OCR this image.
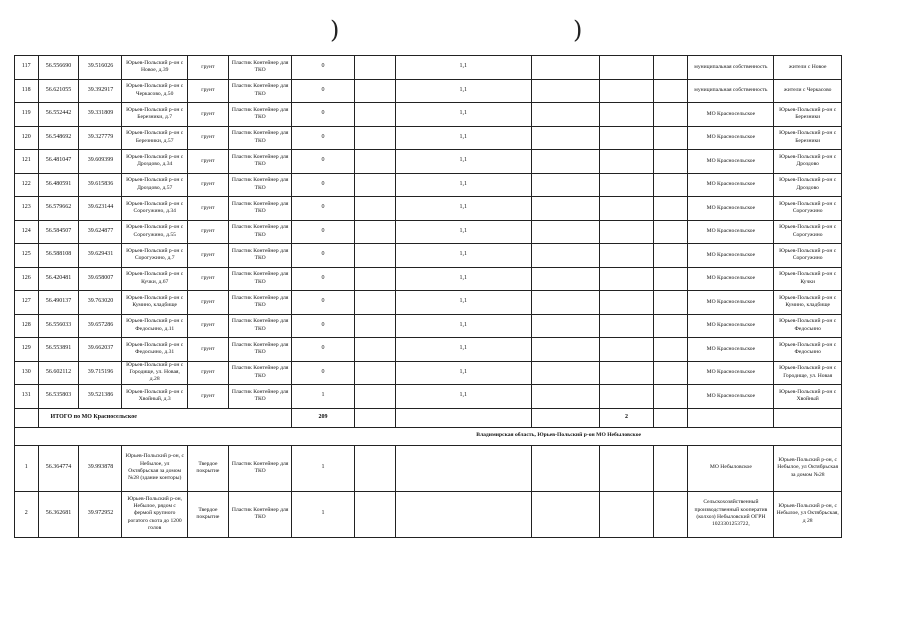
)	)
117	56.556690	39.516026	Юрьев-Польский р-он с Новое, д.39	грунт	Пластик Контейнер для ТКО	0		1,1				муниципальная собственность	жители с Новое
118	56.621055	39.392917	Юрьев-Польский р-он с Черкасово, д.50	грунт	Пластик Контейнер для ТКО	0		1,1				муниципальная собственность	жители с Черкасово
119	56.552442	39.331809	Юрьев-Польский р-он с Березники, д.7	грунт	Пластик Контейнер для ТКО	0		1,1				МО Красносельское	Юрьев-Польский р-он с Березники
120	56.548692	39.327779	Юрьев-Польский р-он с Березники, д.57	грунт	Пластик Контейнер для ТКО	0		1,1				МО Красносельское	Юрьев-Польский р-он с Березники
121	56.481047	39.609399	Юрьев-Польский р-он с Дроздово, д.34	грунт	Пластик Контейнер для ТКО	0		1,1				МО Красносельское	Юрьев-Польский р-он с Дроздово
122	56.480591	39.615836	Юрьев-Польский р-он с Дроздово, д.57	грунт	Пластик Контейнер для ТКО	0		1,1				МО Красносельское	Юрьев-Польский р-он с Дроздово
123	56.579662	39.623144	Юрьев-Польский р-он с Сорогужино, д.34	грунт	Пластик Контейнер для ТКО	0		1,1				МО Красносельское	Юрьев-Польский р-он с Сорогужино
124	56.584507	39.624877	Юрьев-Польский р-он с Сорогужино, д.55	грунт	Пластик Контейнер для ТКО	0		1,1				МО Красносельское	Юрьев-Польский р-он с Сорогужино
125	56.588108	39.629431	Юрьев-Польский р-он с Сорогужино, д.7	грунт	Пластик Контейнер для ТКО	0		1,1				МО Красносельское	Юрьев-Польский р-он с Сорогужино
126	56.420481	39.658007	Юрьев-Польский р-он с Кучки, д.67	грунт	Пластик Контейнер для ТКО	0		1,1				МО Красносельское	Юрьев-Польский р-он с Кучки
127	56.490137	39.763020	Юрьев-Польский р-он с Кумино, кладбище	грунт	Пластик Контейнер для ТКО	0		1,1				МО Красносельское	Юрьев-Польский р-он с Кумино, кладбище
128	56.556033	39.657286	Юрьев-Польский р-он с Федосьино, д.11	грунт	Пластик Контейнер для ТКО	0		1,1				МО Красносельское	Юрьев-Польский р-он с Федосьино
129	56.553891	39.662037	Юрьев-Польский р-он с Федосьино, д.31	грунт	Пластик Контейнер для ТКО	0		1,1				МО Красносельское	Юрьев-Польский р-он с Федосьино
130	56.602112	39.715196	Юрьев-Польский р-он с Городище, ул. Новая, д.28	грунт	Пластик Контейнер для ТКО	0		1,1				МО Красносельское	Юрьев-Польский р-он с Городище, ул. Новая
131	56.535803	39.521386	Юрьев-Польский р-он с Хвойный, д.3	грунт	Пластик Контейнер для ТКО	1		1,1				МО Красносельское	Юрьев-Польский р-он с Хвойный
	ИТОГО по МО Красносельское					209				2			
Владимирская область, Юрьев-Польский р-он МО Небыловское													
1	56.364774	39.993878	Юрьев-Польский р-он, с Небылое, ул Октябрьская за домом №28 (здание конторы)	Твердое покрытие	Пластик Контейнер для ТКО	1						МО Небыловское	Юрьев-Польский р-он, с Небылое, ул Октябрьская за домом №28
2	56.362681	39.972952	Юрьев-Польский р-он, Небылое, рядом с фермой крупного рогатого скота до 1200 голов	Твердое покрытие	Пластик Контейнер для ТКО	1						Сельскохозяйственный производственный кооператив (колхоз) Небыловский ОГРН 1023301253722,	Юрьев-Польский р-он, с Небылое, ул Октябрьская, д 28
